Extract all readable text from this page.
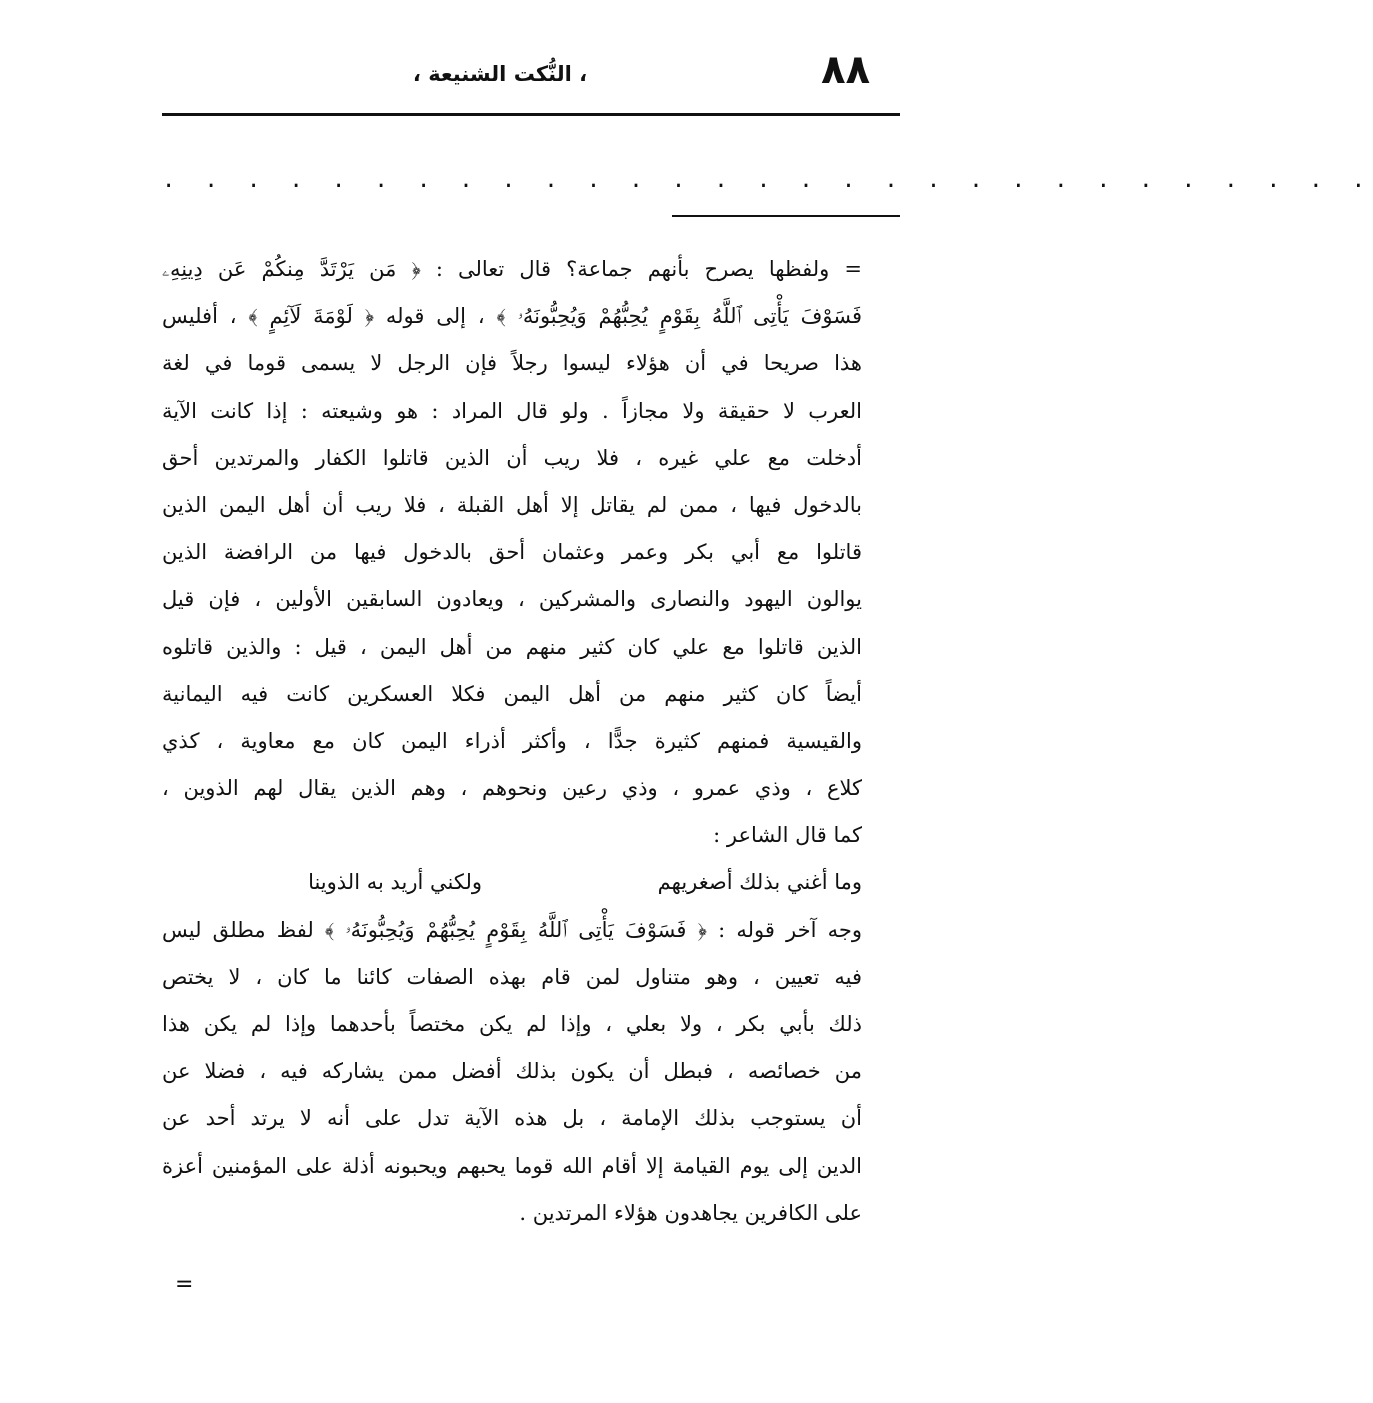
٨٨
، النُّكت الشنيعة ،
. . . . . . . . . . . . . . . . . . . . . . . . . . . . .
= ولفظها يصرح بأنهم جماعة؟ قال تعالى : ﴿ مَن يَرْتَدَّ مِنكُمْ عَن دِينِهِۦ
فَسَوْفَ يَأْتِى ٱللَّهُ بِقَوْمٍ يُحِبُّهُمْ وَيُحِبُّونَهُۥ ﴾ ، إلى قوله ﴿ لَوْمَةَ لَآئِمٍ ﴾ ، أفليس
هذا صريحا في أن هؤلاء ليسوا رجلاً فإن الرجل لا يسمى قوما في لغة
العرب لا حقيقة ولا مجازاً . ولو قال المراد : هو وشيعته : إذا كانت الآية
أدخلت مع علي غيره ، فلا ريب أن الذين قاتلوا الكفار والمرتدين أحق
بالدخول فيها ، ممن لم يقاتل إلا أهل القبلة ، فلا ريب أن أهل اليمن الذين
قاتلوا مع أبي بكر وعمر وعثمان أحق بالدخول فيها من الرافضة الذين
يوالون اليهود والنصارى والمشركين ، ويعادون السابقين الأولين ، فإن قيل
الذين قاتلوا مع علي كان كثير منهم من أهل اليمن ، قيل : والذين قاتلوه
أيضاً كان كثير منهم من أهل اليمن فكلا العسكرين كانت فيه اليمانية
والقيسية فمنهم كثيرة جدًّا ، وأكثر أذراء اليمن كان مع معاوية ، كذي
كلاع ، وذي عمرو ، وذي رعين ونحوهم ، وهم الذين يقال لهم الذوين ،
كما قال الشاعر :
وما أغني بذلك أصغريهم
ولكني أريد به الذوينا
وجه آخر قوله : ﴿ فَسَوْفَ يَأْتِى ٱللَّهُ بِقَوْمٍ يُحِبُّهُمْ وَيُحِبُّونَهُۥ ﴾ لفظ مطلق ليس
فيه تعيين ، وهو متناول لمن قام بهذه الصفات كائنا ما كان ، لا يختص
ذلك بأبي بكر ، ولا بعلي ، وإذا لم يكن مختصاً بأحدهما وإذا لم يكن هذا
من خصائصه ، فبطل أن يكون بذلك أفضل ممن يشاركه فيه ، فضلا عن
أن يستوجب بذلك الإمامة ، بل هذه الآية تدل على أنه لا يرتد أحد عن
الدين إلى يوم القيامة إلا أقام الله قوما يحبهم ويحبونه أذلة على المؤمنين أعزة
على الكافرين يجاهدون هؤلاء المرتدين .
=
